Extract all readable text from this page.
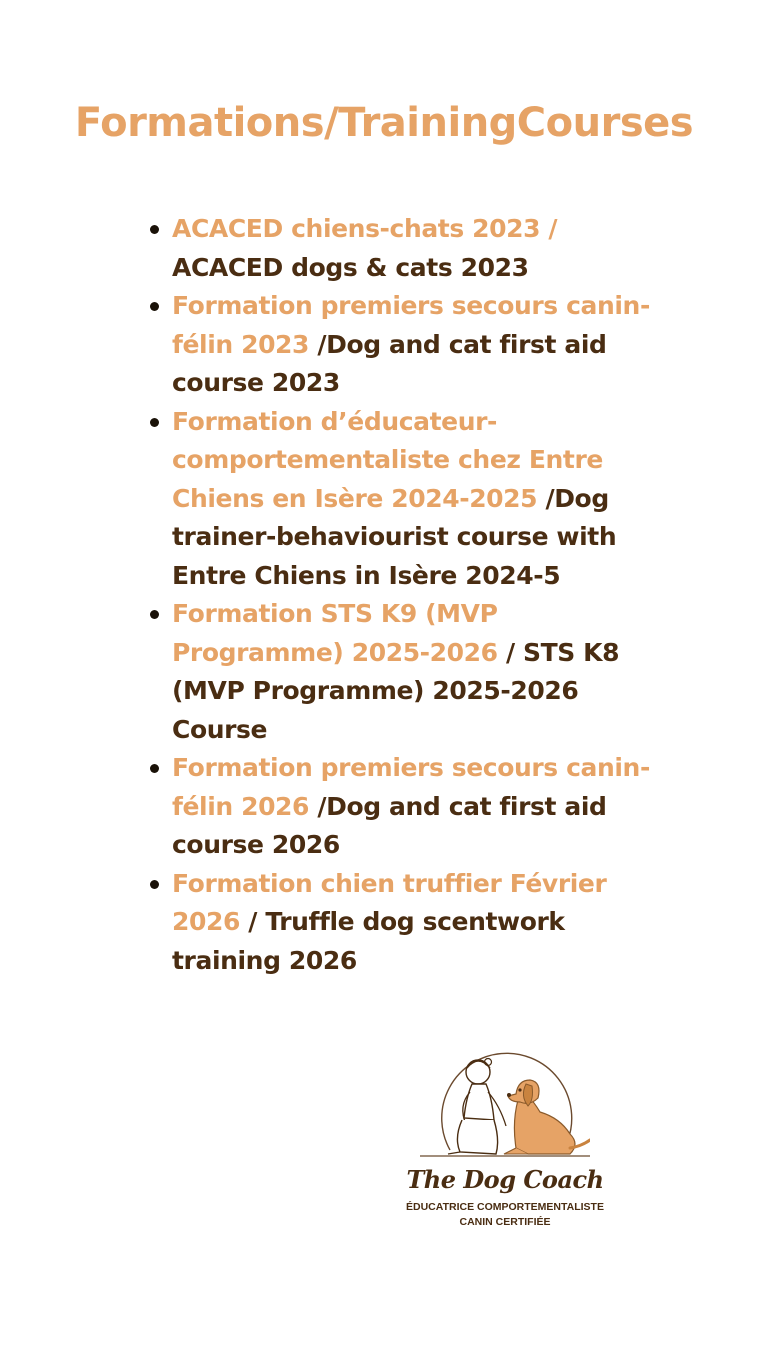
Formations/TrainingCourses
ACACED chiens-chats 2023 / ACACED dogs & cats 2023
Formation premiers secours canin-félin 2023 /Dog and cat first aid course 2023
Formation d’éducateur-comportementaliste chez Entre Chiens en Isère 2024-2025 /Dog trainer-behaviourist course with Entre Chiens in Isère 2024-5
Formation STS K9 (MVP Programme) 2025-2026 / STS K8 (MVP Programme) 2025-2026 Course
Formation premiers secours canin-félin 2026 /Dog and cat first aid course 2026
Formation chien truffier Février 2026 / Truffle dog scentwork training 2026
The Dog Coach
ÉDUCATRICE COMPORTEMENTALISTE
CANIN CERTIFIÉE
